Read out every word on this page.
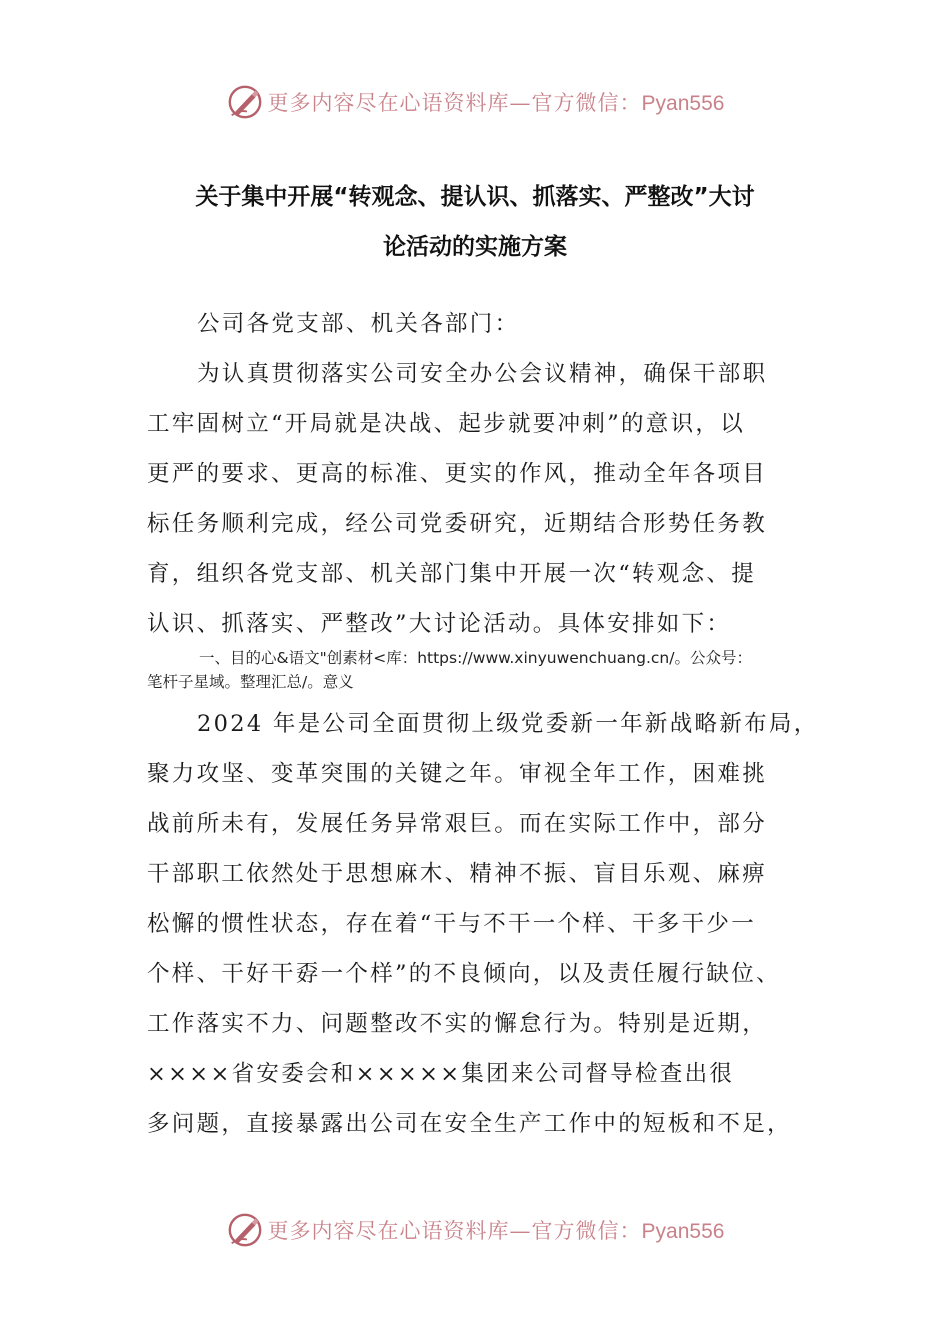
更多内容尽在心语资料库—官方微信：Pyan556
关于集中开展“转观念、提认识、抓落实、严整改”大讨
论活动的实施方案
公司各党支部、机关各部门：
为认真贯彻落实公司安全办公会议精神，确保干部职
工牢固树立“开局就是决战、起步就要冲刺”的意识，以
更严的要求、更高的标准、更实的作风，推动全年各项目
标任务顺利完成，经公司党委研究，近期结合形势任务教
育，组织各党支部、机关部门集中开展一次“转观念、提
认识、抓落实、严整改”大讨论活动。具体安排如下：
一、目的心&语文"创素材<库：https://www.xinyuwenchuang.cn/。公众号：
笔杆子星域。整理汇总/。意义
2024 年是公司全面贯彻上级党委新一年新战略新布局，
聚力攻坚、变革突围的关键之年。审视全年工作，困难挑
战前所未有，发展任务异常艰巨。而在实际工作中，部分
干部职工依然处于思想麻木、精神不振、盲目乐观、麻痹
松懈的惯性状态，存在着“干与不干一个样、干多干少一
个样、干好干孬一个样”的不良倾向，以及责任履行缺位、
工作落实不力、问题整改不实的懈怠行为。特别是近期，
××××省安委会和×××××集团来公司督导检查出很
多问题，直接暴露出公司在安全生产工作中的短板和不足，
更多内容尽在心语资料库—官方微信：Pyan556
